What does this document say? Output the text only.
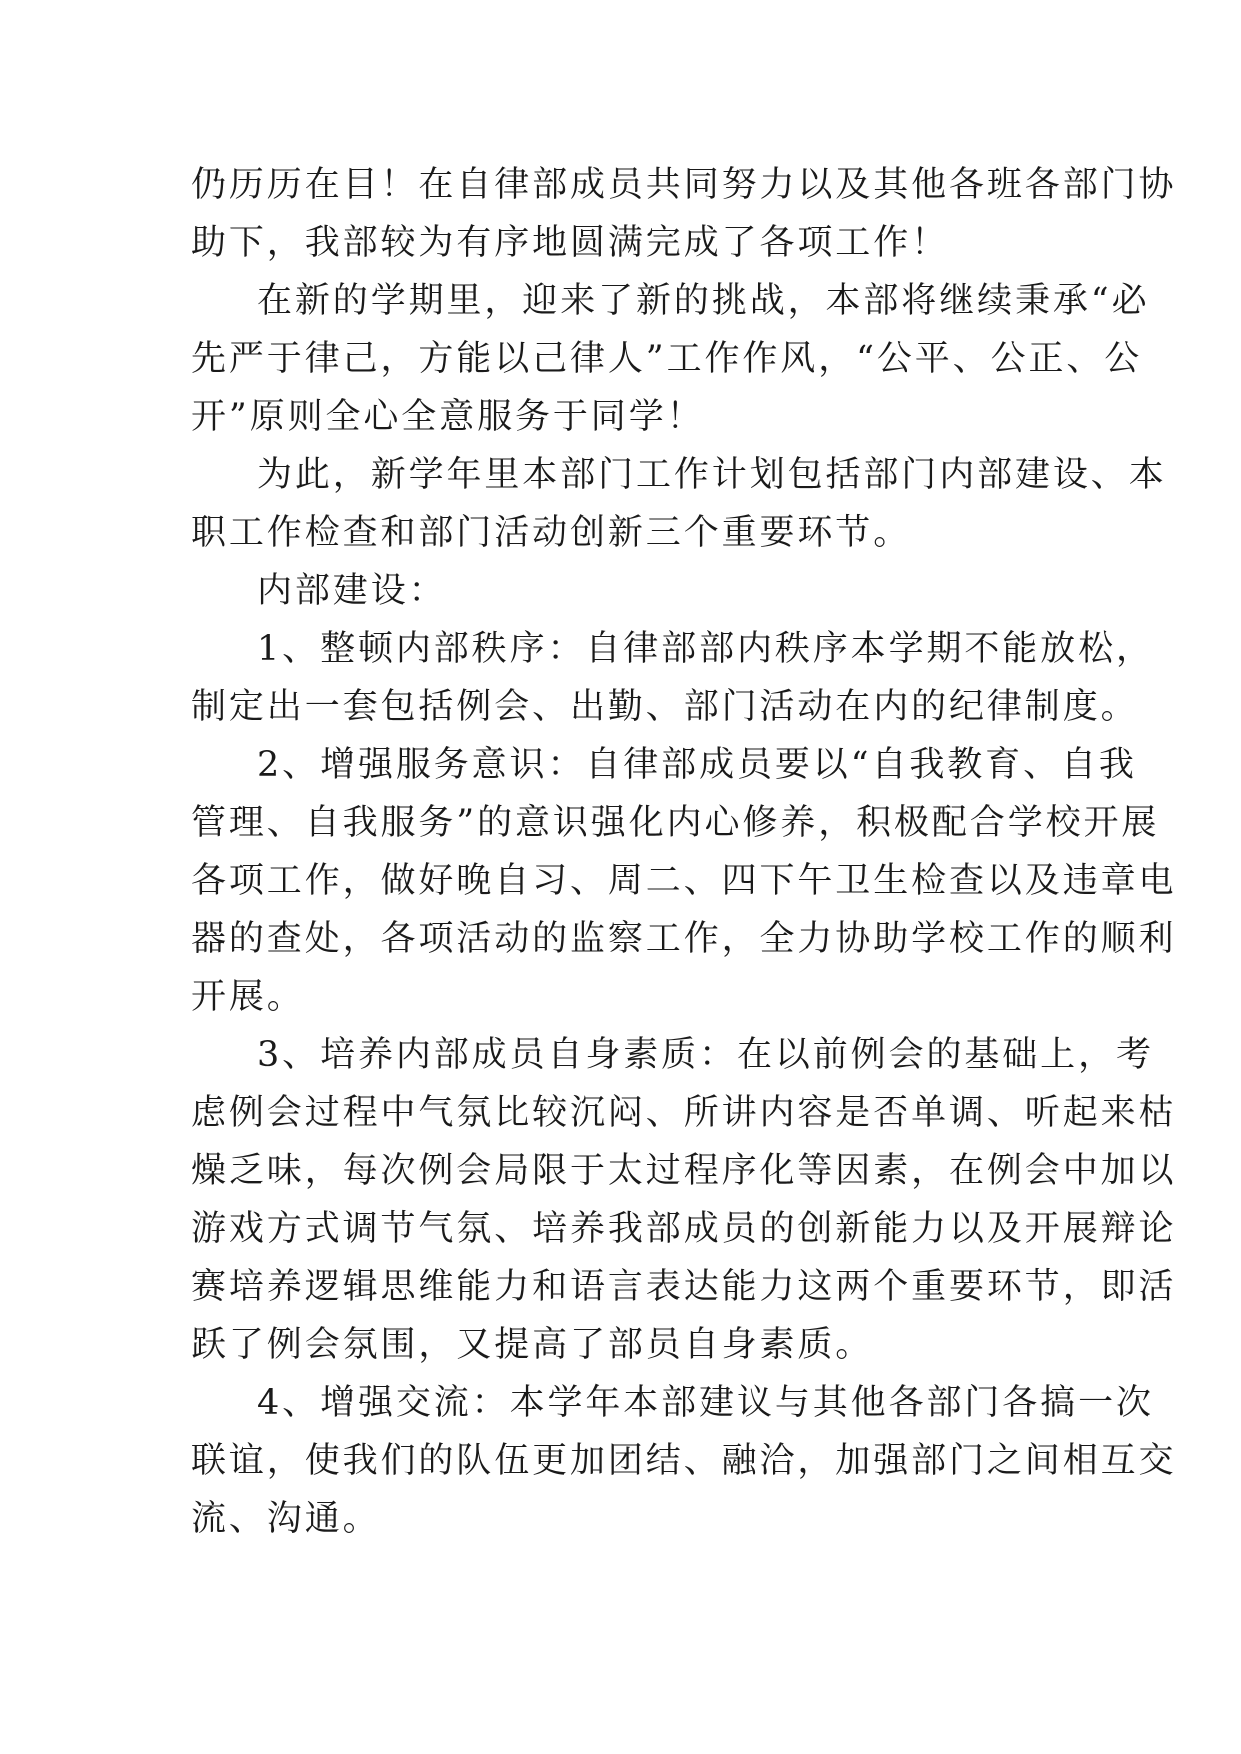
仍历历在目！在自律部成员共同努力以及其他各班各部门协
助下，我部较为有序地圆满完成了各项工作！
在新的学期里，迎来了新的挑战，本部将继续秉承“必
先严于律己，方能以己律人”工作作风，“公平、公正、公
开”原则全心全意服务于同学！
为此，新学年里本部门工作计划包括部门内部建设、本
职工作检查和部门活动创新三个重要环节。
内部建设：
1、整顿内部秩序：自律部部内秩序本学期不能放松，
制定出一套包括例会、出勤、部门活动在内的纪律制度。
2、增强服务意识：自律部成员要以“自我教育、自我
管理、自我服务”的意识强化内心修养，积极配合学校开展
各项工作，做好晚自习、周二、四下午卫生检查以及违章电
器的查处，各项活动的监察工作，全力协助学校工作的顺利
开展。
3、培养内部成员自身素质：在以前例会的基础上，考
虑例会过程中气氛比较沉闷、所讲内容是否单调、听起来枯
燥乏味，每次例会局限于太过程序化等因素，在例会中加以
游戏方式调节气氛、培养我部成员的创新能力以及开展辩论
赛培养逻辑思维能力和语言表达能力这两个重要环节，即活
跃了例会氛围，又提高了部员自身素质。
4、增强交流：本学年本部建议与其他各部门各搞一次
联谊，使我们的队伍更加团结、融洽，加强部门之间相互交
流、沟通。
